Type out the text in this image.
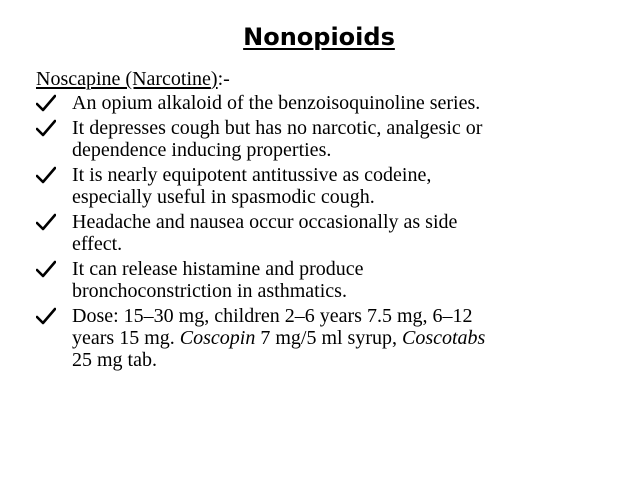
Nonopioids
Noscapine (Narcotine):-
An opium alkaloid of the benzoisoquinoline series.
It depresses cough but has no narcotic, analgesic or
dependence inducing properties.
It is nearly equipotent antitussive as codeine,
especially useful in spasmodic cough.
Headache and nausea occur occasionally as side
effect.
It can release histamine and produce
bronchoconstriction in asthmatics.
Dose: 15–30 mg, children 2–6 years 7.5 mg, 6–12
years 15 mg. Coscopin 7 mg/5 ml syrup, Coscotabs
25 mg tab.
